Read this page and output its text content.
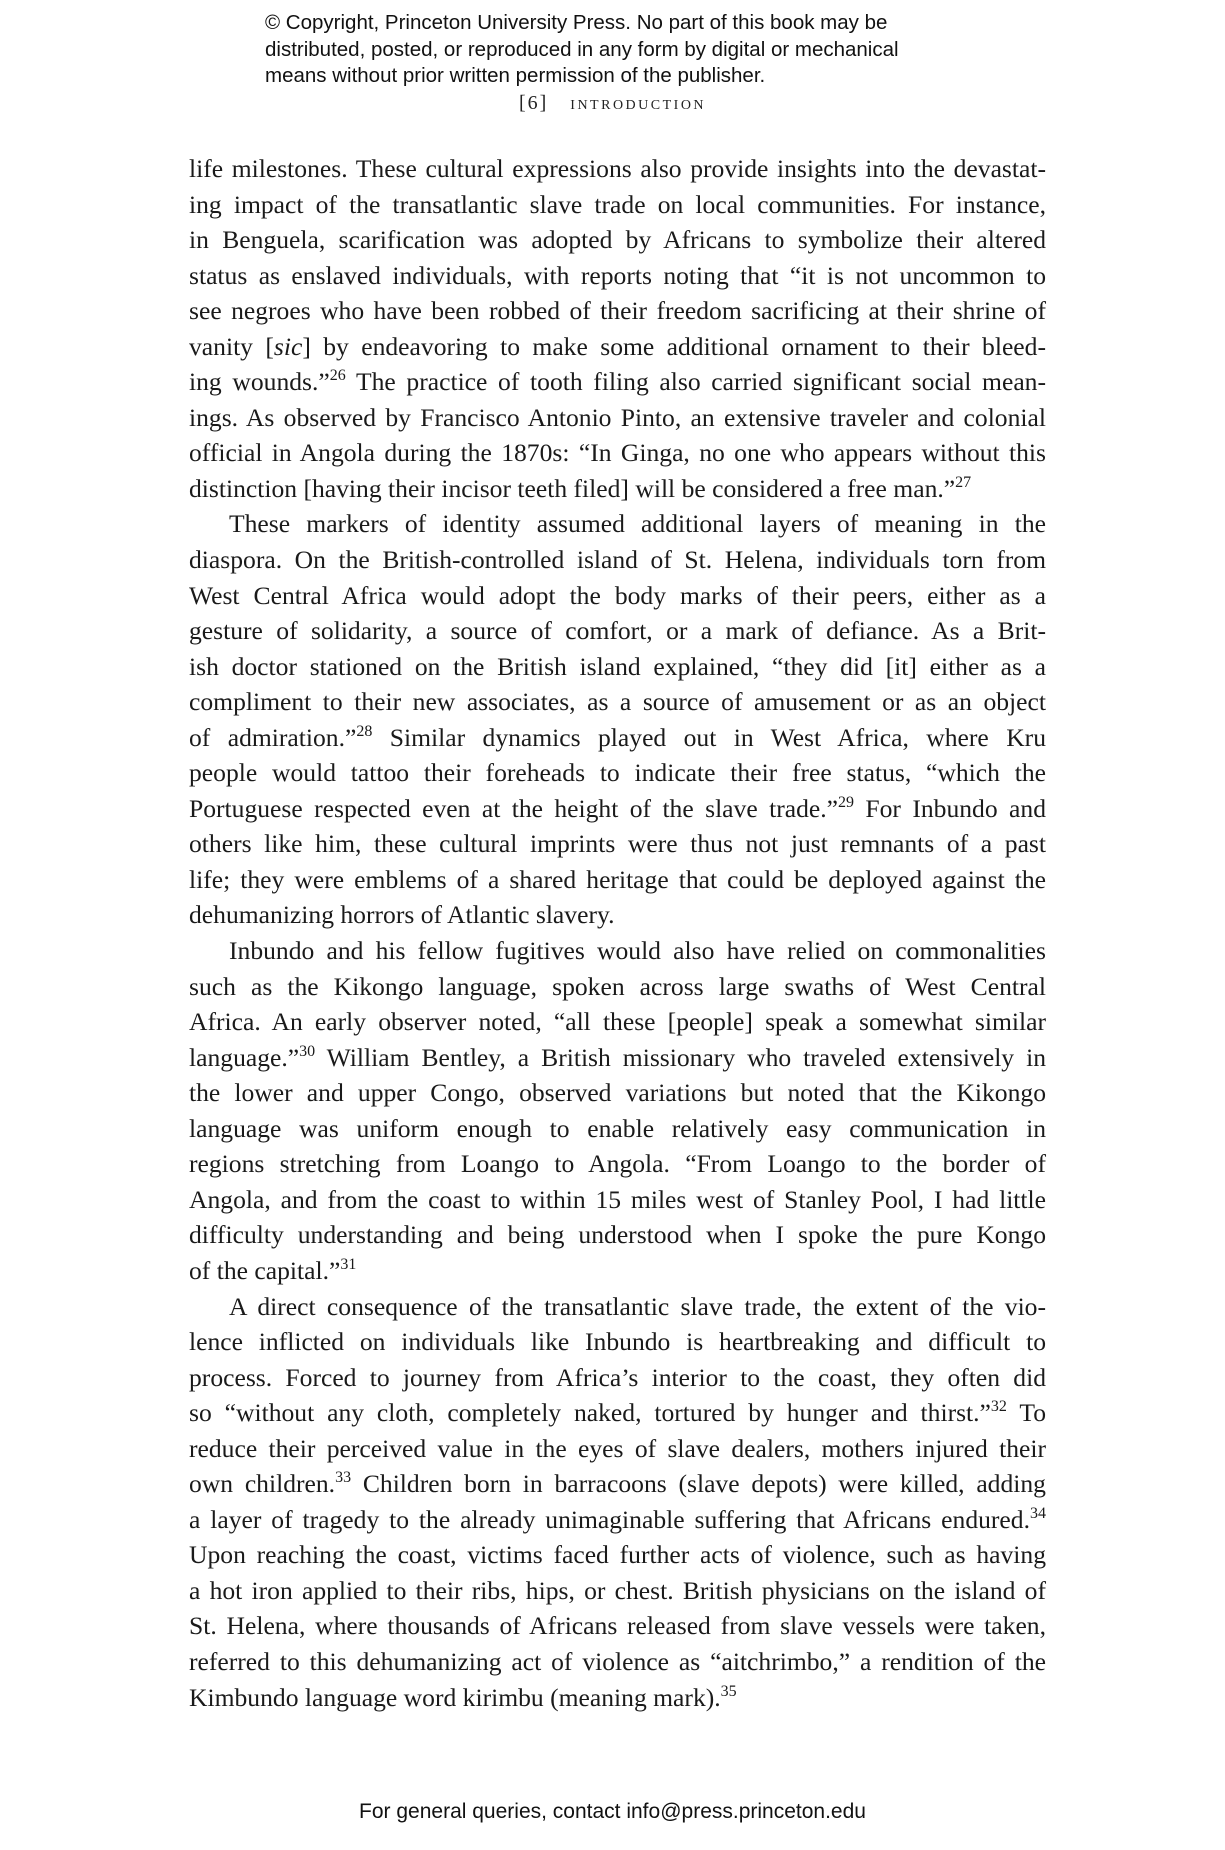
© Copyright, Princeton University Press. No part of this book may be
distributed, posted, or reproduced in any form by digital or mechanical
means without prior written permission of the publisher.
[6] introduction

life milestones. These cultural expressions also provide insights into the devastat-

ing impact of the transatlantic slave trade on local communities. For instance,

in Benguela, scarification was adopted by Africans to symbolize their altered

status as enslaved individuals, with reports noting that “it is not uncommon to

see negroes who have been robbed of their freedom sacrificing at their shrine of

vanity [sic] by endeavoring to make some additional ornament to their bleed-

ing wounds.”$^{26}$ The practice of tooth filing also carried significant social mean-

ings. As observed by Francisco Antonio Pinto, an extensive traveler and colonial

official in Angola during the 1870s: “In Ginga, no one who appears without this

distinction [having their incisor teeth filed] will be considered a free man.”$^{27}$

These markers of identity assumed additional layers of meaning in the

diaspora. On the British-controlled island of St. Helena, individuals torn from

West Central Africa would adopt the body marks of their peers, either as a

gesture of solidarity, a source of comfort, or a mark of defiance. As a Brit-

ish doctor stationed on the British island explained, “they did [it] either as a

compliment to their new associates, as a source of amusement or as an object

of admiration.”$^{28}$ Similar dynamics played out in West Africa, where Kru

people would tattoo their foreheads to indicate their free status, “which the

Portuguese respected even at the height of the slave trade.”$^{29}$ For Inbundo and

others like him, these cultural imprints were thus not just remnants of a past

life; they were emblems of a shared heritage that could be deployed against the

dehumanizing horrors of Atlantic slavery.

Inbundo and his fellow fugitives would also have relied on commonalities

such as the Kikongo language, spoken across large swaths of West Central

Africa. An early observer noted, “all these [people] speak a somewhat similar

language.”$^{30}$ William Bentley, a British missionary who traveled extensively in

the lower and upper Congo, observed variations but noted that the Kikongo

language was uniform enough to enable relatively easy communication in

regions stretching from Loango to Angola. “From Loango to the border of

Angola, and from the coast to within 15 miles west of Stanley Pool, I had little

difficulty understanding and being understood when I spoke the pure Kongo

of the capital.”$^{31}$

A direct consequence of the transatlantic slave trade, the extent of the vio-

lence inflicted on individuals like Inbundo is heartbreaking and difficult to

process. Forced to journey from Africa’s interior to the coast, they often did

so “without any cloth, completely naked, tortured by hunger and thirst.”$^{32}$ To

reduce their perceived value in the eyes of slave dealers, mothers injured their

own children.$^{33}$ Children born in barracoons (slave depots) were killed, adding

a layer of tragedy to the already unimaginable suffering that Africans endured.$^{34}$

Upon reaching the coast, victims faced further acts of violence, such as having

a hot iron applied to their ribs, hips, or chest. British physicians on the island of

St. Helena, where thousands of Africans released from slave vessels were taken,

referred to this dehumanizing act of violence as “aitchrimbo,” a rendition of the

Kimbundo language word kirimbu (meaning mark).$^{35}$

For general queries, contact info@press.princeton.edu
